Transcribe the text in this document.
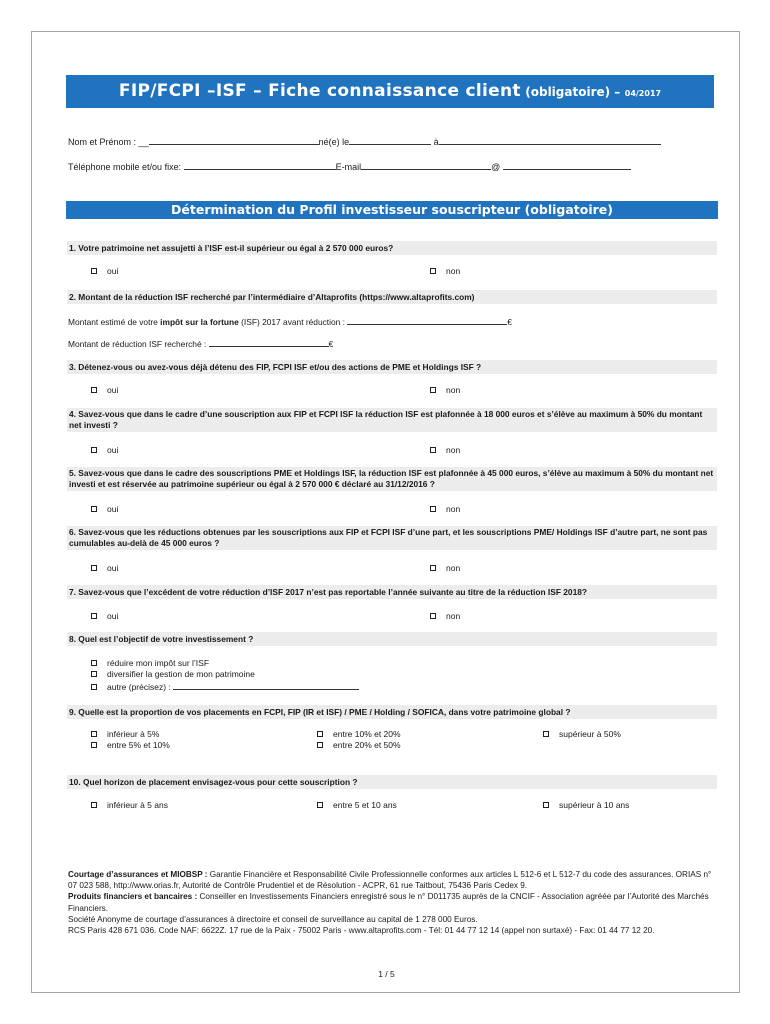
FIP/FCPI –ISF – Fiche connaissance client (obligatoire) – 04/2017
Nom et Prénom : __	né(e) le	à
Téléphone mobile et/ou fixe:	E-mail	@
Détermination du Profil investisseur souscripteur (obligatoire)
1. Votre patrimoine net assujetti à l’ISF est-il supérieur ou égal à 2 570 000 euros?
oui	non
2. Montant de la réduction ISF recherché par l’intermédiaire d’Altaprofits (https://www.altaprofits.com)
Montant estimé de votre impôt sur la fortune (ISF) 2017 avant réduction :	€
Montant de réduction ISF recherché :	€
3. Détenez-vous ou avez-vous déjà détenu des FIP, FCPI ISF et/ou des actions de PME et Holdings ISF ?
oui	non
4. Savez-vous que dans le cadre d’une souscription aux FIP et FCPI ISF la réduction ISF est plafonnée à 18 000 euros et s’élève au maximum à 50% du montant net investi ?
oui	non
5. Savez-vous que dans le cadre des souscriptions PME et Holdings ISF, la réduction ISF est plafonnée à 45 000 euros, s’élève au maximum à 50% du montant net investi et est réservée au patrimoine supérieur ou égal à 2 570 000 € déclaré au 31/12/2016 ?
oui	non
6. Savez-vous que les réductions obtenues par les souscriptions aux FIP et FCPI ISF d’une part, et les souscriptions PME/ Holdings ISF d’autre part, ne sont pas cumulables au-delà de 45 000 euros ?
oui	non
7. Savez-vous que l’excédent de votre réduction d’ISF 2017 n’est pas reportable l’année suivante au titre de la réduction ISF 2018?
oui	non
8. Quel est l’objectif de votre investissement ?
réduire mon impôt sur l’ISF
diversifier la gestion de mon patrimoine
autre (précisez) :
9. Quelle est la proportion de vos placements en FCPI, FIP (IR et ISF) / PME / Holding / SOFICA, dans votre patrimoine global ?
inférieur à 5%
entre 5% et 10%
entre 10% et 20%
entre 20% et 50%
supérieur à 50%
10. Quel horizon de placement envisagez-vous pour cette souscription ?
inférieur à 5 ans	entre 5 et 10 ans	supérieur à 10 ans
Courtage d’assurances et MIOBSP : Garantie Financière et Responsabilité Civile Professionnelle conformes aux articles L 512-6 et L 512-7 du code des assurances. ORIAS n° 07 023 588, http://www.orias.fr, Autorité de Contrôle Prudentiel et de Résolution - ACPR, 61 rue Taitbout, 75436 Paris Cedex 9.
Produits financiers et bancaires : Conseiller en Investissements Financiers enregistré sous le n° D011735 auprès de la CNCIF - Association agréée par l’Autorité des Marchés Financiers.
Société Anonyme de courtage d’assurances à directoire et conseil de surveillance au capital de 1 278 000 Euros.
RCS Paris 428 671 036. Code NAF: 6622Z. 17 rue de la Paix - 75002 Paris - www.altaprofits.com - Tél: 01 44 77 12 14 (appel non surtaxé) - Fax: 01 44 77 12 20.
1 / 5
